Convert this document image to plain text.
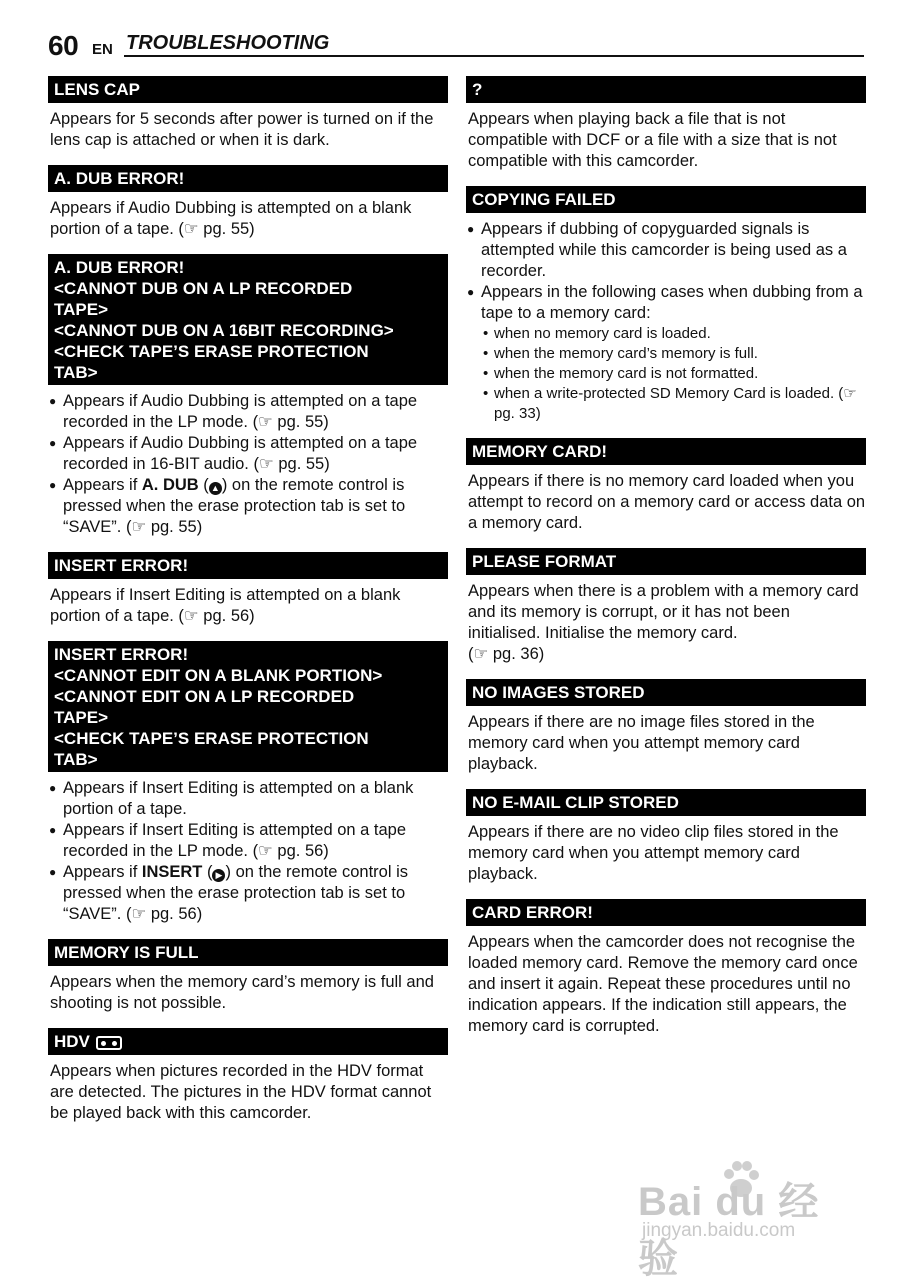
60 EN TROUBLESHOOTING
LENS CAP
Appears for 5 seconds after power is turned on if the lens cap is attached or when it is dark.
A. DUB ERROR!
Appears if Audio Dubbing is attempted on a blank portion of a tape. (☞ pg. 55)
A. DUB ERROR!
<CANNOT DUB ON A LP RECORDED
TAPE>
<CANNOT DUB ON A 16BIT RECORDING>
<CHECK TAPE’S ERASE PROTECTION
TAB>
● Appears if Audio Dubbing is attempted on a tape recorded in the LP mode. (☞ pg. 55)
● Appears if Audio Dubbing is attempted on a tape recorded in 16-BIT audio. (☞ pg. 55)
● Appears if A. DUB ( ▲ ) on the remote control is pressed when the erase protection tab is set to “SAVE”. (☞ pg. 55)
INSERT ERROR!
Appears if Insert Editing is attempted on a blank portion of a tape. (☞ pg. 56)
INSERT ERROR!
<CANNOT EDIT ON A BLANK PORTION>
<CANNOT EDIT ON A LP RECORDED
TAPE>
<CHECK TAPE’S ERASE PROTECTION
TAB>
● Appears if Insert Editing is attempted on a blank portion of a tape.
● Appears if Insert Editing is attempted on a tape recorded in the LP mode. (☞ pg. 56)
● Appears if INSERT ( ▶ ) on the remote control is pressed when the erase protection tab is set to “SAVE”. (☞ pg. 56)
MEMORY IS FULL
Appears when the memory card’s memory is full and shooting is not possible.
HDV
Appears when pictures recorded in the HDV format are detected. The pictures in the HDV format cannot be played back with this camcorder.
?
Appears when playing back a file that is not compatible with DCF or a file with a size that is not compatible with this camcorder.
COPYING FAILED
● Appears if dubbing of copyguarded signals is attempted while this camcorder is being used as a recorder.
● Appears in the following cases when dubbing from a tape to a memory card:
• when no memory card is loaded.
• when the memory card’s memory is full.
• when the memory card is not formatted.
• when a write-protected SD Memory Card is loaded. (☞ pg. 33)
MEMORY CARD!
Appears if there is no memory card loaded when you attempt to record on a memory card or access data on a memory card.
PLEASE FORMAT
Appears when there is a problem with a memory card and its memory is corrupt, or it has not been initialised. Initialise the memory card.
(☞ pg. 36)
NO IMAGES STORED
Appears if there are no image files stored in the memory card when you attempt memory card playback.
NO E-MAIL CLIP STORED
Appears if there are no video clip files stored in the memory card when you attempt memory card playback.
CARD ERROR!
Appears when the camcorder does not recognise the loaded memory card. Remove the memory card once and insert it again. Repeat these procedures until no indication appears. If the indication still appears, the memory card is corrupted.
Bai du 经验
jingyan.baidu.com
